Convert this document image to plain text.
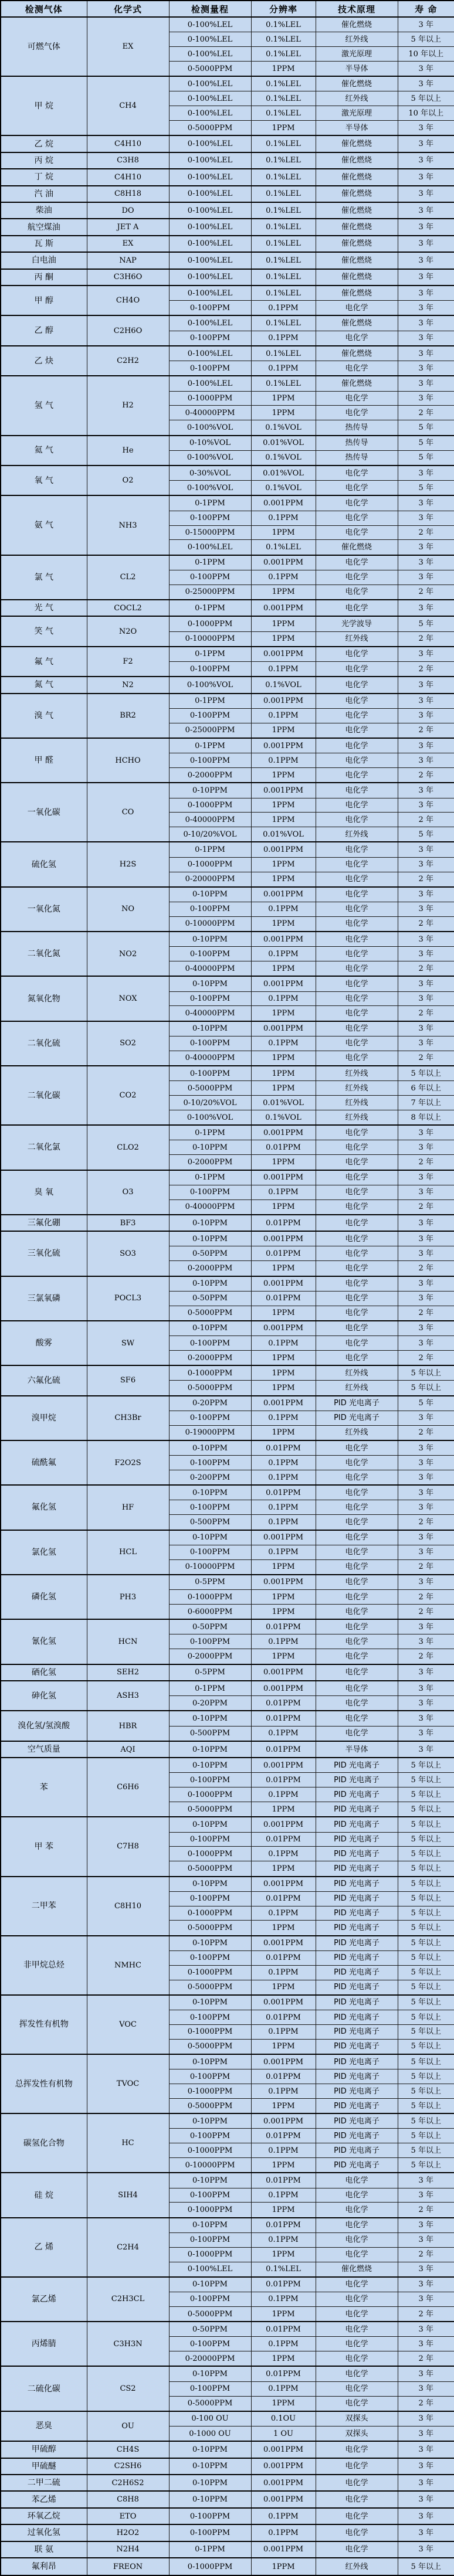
检测气体	化学式	检测量程	分辨率	技术原理	寿 命
可燃气体	EX	0-100%LEL	0.1%LEL	催化燃烧	3 年
		0-100%LEL	0.1%LEL	红外线	5 年以上
		0-100%LEL	0.1%LEL	激光原理	10 年以上
		0-5000PPM	1PPM	半导体	3 年
甲 烷	CH4	0-100%LEL	0.1%LEL	催化燃烧	3 年
		0-100%LEL	0.1%LEL	红外线	5 年以上
		0-100%LEL	0.1%LEL	激光原理	10 年以上
		0-5000PPM	1PPM	半导体	3 年
乙 烷	C4H10	0-100%LEL	0.1%LEL	催化燃烧	3 年
丙 烷	C3H8	0-100%LEL	0.1%LEL	催化燃烧	3 年
丁 烷	C4H10	0-100%LEL	0.1%LEL	催化燃烧	3 年
汽 油	C8H18	0-100%LEL	0.1%LEL	催化燃烧	3 年
柴油	DO	0-100%LEL	0.1%LEL	催化燃烧	3 年
航空煤油	JET A	0-100%LEL	0.1%LEL	催化燃烧	3 年
瓦 斯	EX	0-100%LEL	0.1%LEL	催化燃烧	3 年
白电油	NAP	0-100%LEL	0.1%LEL	催化燃烧	3 年
丙 酮	C3H6O	0-100%LEL	0.1%LEL	催化燃烧	3 年
甲 醇	CH4O	0-100%LEL	0.1%LEL	催化燃烧	3 年
		0-100PPM	0.1PPM	电化学	3 年
乙 醇	C2H6O	0-100%LEL	0.1%LEL	催化燃烧	3 年
		0-100PPM	0.1PPM	电化学	3 年
乙 炔	C2H2	0-100%LEL	0.1%LEL	催化燃烧	3 年
		0-100PPM	0.1PPM	电化学	3 年
氢 气	H2	0-100%LEL	0.1%LEL	催化燃烧	3 年
		0-1000PPM	1PPM	电化学	3 年
		0-40000PPM	1PPM	电化学	2 年
		0-100%VOL	0.1%VOL	热传导	5 年
氦 气	He	0-10%VOL	0.01%VOL	热传导	5 年
		0-100%VOL	0.1%VOL	热传导	5 年
氧 气	O2	0-30%VOL	0.01%VOL	电化学	3 年
		0-100%VOL	0.1%VOL	电化学	5 年
氨 气	NH3	0-1PPM	0.001PPM	电化学	3 年
		0-100PPM	0.1PPM	电化学	3 年
		0-15000PPM	1PPM	电化学	2 年
		0-100%LEL	0.1%LEL	催化燃烧	3 年
氯 气	CL2	0-1PPM	0.001PPM	电化学	3 年
		0-100PPM	0.1PPM	电化学	3 年
		0-25000PPM	1PPM	电化学	2 年
光 气	COCL2	0-1PPM	0.001PPM	电化学	3 年
笑 气	N2O	0-1000PPM	1PPM	光学波导	5 年
		0-10000PPM	1PPM	红外线	2 年
氟 气	F2	0-1PPM	0.001PPM	电化学	3 年
		0-100PPM	0.1PPM	电化学	2 年
氮 气	N2	0-100%VOL	0.1%VOL	电化学	3 年
溴 气	BR2	0-1PPM	0.001PPM	电化学	3 年
		0-100PPM	0.1PPM	电化学	3 年
		0-25000PPM	1PPM	电化学	2 年
甲 醛	HCHO	0-1PPM	0.001PPM	电化学	3 年
		0-100PPM	0.1PPM	电化学	3 年
		0-2000PPM	1PPM	电化学	2 年
一氧化碳	CO	0-10PPM	0.001PPM	电化学	3 年
		0-1000PPM	1PPM	电化学	3 年
		0-40000PPM	1PPM	电化学	2 年
		0-10/20%VOL	0.01%VOL	红外线	5 年
硫化氢	H2S	0-1PPM	0.001PPM	电化学	3 年
		0-1000PPM	1PPM	电化学	3 年
		0-20000PPM	1PPM	电化学	2 年
一氧化氮	NO	0-10PPM	0.001PPM	电化学	3 年
		0-100PPM	0.1PPM	电化学	3 年
		0-10000PPM	1PPM	电化学	2 年
二氧化氮	NO2	0-10PPM	0.001PPM	电化学	3 年
		0-100PPM	0.1PPM	电化学	3 年
		0-40000PPM	1PPM	电化学	2 年
氮氧化物	NOX	0-10PPM	0.001PPM	电化学	3 年
		0-100PPM	0.1PPM	电化学	3 年
		0-40000PPM	1PPM	电化学	2 年
二氧化硫	SO2	0-10PPM	0.001PPM	电化学	3 年
		0-100PPM	0.1PPM	电化学	3 年
		0-40000PPM	1PPM	电化学	2 年
二氧化碳	CO2	0-100PPM	1PPM	红外线	5 年以上
		0-5000PPM	1PPM	红外线	6 年以上
		0-10/20%VOL	0.01%VOL	红外线	7 年以上
		0-100%VOL	0.1%VOL	红外线	8 年以上
二氧化氯	CLO2	0-1PPM	0.001PPM	电化学	3 年
		0-10PPM	0.01PPM	电化学	3 年
		0-2000PPM	1PPM	电化学	2 年
臭 氧	O3	0-1PPM	0.001PPM	电化学	3 年
		0-100PPM	0.1PPM	电化学	3 年
		0-40000PPM	1PPM	电化学	2 年
三氟化硼	BF3	0-10PPM	0.01PPM	电化学	3 年
三氧化硫	SO3	0-10PPM	0.001PPM	电化学	3 年
		0-50PPM	0.01PPM	电化学	3 年
		0-2000PPM	1PPM	电化学	2 年
三氯氧磷	POCL3	0-10PPM	0.001PPM	电化学	3 年
		0-50PPM	0.01PPM	电化学	3 年
		0-5000PPM	1PPM	电化学	2 年
酸雾	SW	0-10PPM	0.001PPM	电化学	3 年
		0-100PPM	0.1PPM	电化学	3 年
		0-2000PPM	1PPM	电化学	2 年
六氟化硫	SF6	0-1000PPM	1PPM	红外线	5 年以上
		0-5000PPM	1PPM	红外线	5 年以上
溴甲烷	CH3Br	0-20PPM	0.001PPM	PID 光电离子	5 年
		0-100PPM	0.1PPM	PID 光电离子	3 年
		0-19000PPM	1PPM	红外线	2 年
硫酰氟	F2O2S	0-10PPM	0.01PPM	电化学	3 年
		0-100PPM	0.1PPM	电化学	3 年
		0-200PPM	0.1PPM	电化学	3 年
氟化氢	HF	0-10PPM	0.01PPM	电化学	3 年
		0-100PPM	0.1PPM	电化学	3 年
		0-500PPM	0.1PPM	电化学	2 年
氯化氢	HCL	0-10PPM	0.001PPM	电化学	3 年
		0-100PPM	0.1PPM	电化学	3 年
		0-10000PPM	1PPM	电化学	2 年
磷化氢	PH3	0-5PPM	0.001PPM	电化学	3 年
		0-1000PPM	1PPM	电化学	2 年
		0-6000PPM	1PPM	电化学	2 年
氰化氢	HCN	0-50PPM	0.01PPM	电化学	3 年
		0-100PPM	0.1PPM	电化学	3 年
		0-2000PPM	1PPM	电化学	2 年
硒化氢	SEH2	0-5PPM	0.001PPM	电化学	3 年
砷化氢	ASH3	0-1PPM	0.001PPM	电化学	3 年
		0-20PPM	0.01PPM	电化学	3 年
溴化氢/氢溴酸	HBR	0-10PPM	0.01PPM	电化学	3 年
		0-500PPM	0.1PPM	电化学	3 年
空气质量	AQI	0-10PPM	0.01PPM	半导体	3 年
苯	C6H6	0-10PPM	0.001PPM	PID 光电离子	5 年以上
		0-100PPM	0.01PPM	PID 光电离子	5 年以上
		0-1000PPM	0.1PPM	PID 光电离子	5 年以上
		0-5000PPM	1PPM	PID 光电离子	5 年以上
甲 苯	C7H8	0-10PPM	0.001PPM	PID 光电离子	5 年以上
		0-100PPM	0.01PPM	PID 光电离子	5 年以上
		0-1000PPM	0.1PPM	PID 光电离子	5 年以上
		0-5000PPM	1PPM	PID 光电离子	5 年以上
二甲苯	C8H10	0-10PPM	0.001PPM	PID 光电离子	5 年以上
		0-100PPM	0.01PPM	PID 光电离子	5 年以上
		0-1000PPM	0.1PPM	PID 光电离子	5 年以上
		0-5000PPM	1PPM	PID 光电离子	5 年以上
非甲烷总烃	NMHC	0-10PPM	0.001PPM	PID 光电离子	5 年以上
		0-100PPM	0.01PPM	PID 光电离子	5 年以上
		0-1000PPM	0.1PPM	PID 光电离子	5 年以上
		0-5000PPM	1PPM	PID 光电离子	5 年以上
挥发性有机物	VOC	0-10PPM	0.001PPM	PID 光电离子	5 年以上
		0-100PPM	0.01PPM	PID 光电离子	5 年以上
		0-1000PPM	0.1PPM	PID 光电离子	5 年以上
		0-5000PPM	1PPM	PID 光电离子	5 年以上
总挥发性有机物	TVOC	0-10PPM	0.001PPM	PID 光电离子	5 年以上
		0-100PPM	0.01PPM	PID 光电离子	5 年以上
		0-1000PPM	0.1PPM	PID 光电离子	5 年以上
		0-5000PPM	1PPM	PID 光电离子	5 年以上
碳氢化合物	HC	0-10PPM	0.001PPM	PID 光电离子	5 年以上
		0-100PPM	0.01PPM	PID 光电离子	5 年以上
		0-1000PPM	0.1PPM	PID 光电离子	5 年以上
		0-10000PPM	1PPM	PID 光电离子	5 年以上
硅 烷	SIH4	0-10PPM	0.01PPM	电化学	3 年
		0-100PPM	0.1PPM	电化学	3 年
		0-1000PPM	1PPM	电化学	2 年
乙 烯	C2H4	0-10PPM	0.01PPM	电化学	3 年
		0-100PPM	0.1PPM	电化学	3 年
		0-1000PPM	1PPM	电化学	2 年
		0-100%LEL	0.1%LEL	催化燃烧	3 年
氯乙烯	C2H3CL	0-10PPM	0.01PPM	电化学	3 年
		0-100PPM	0.1PPM	电化学	3 年
		0-5000PPM	1PPM	电化学	2 年
丙烯腈	C3H3N	0-50PPM	0.01PPM	电化学	3 年
		0-100PPM	0.1PPM	电化学	3 年
		0-20000PPM	1PPM	电化学	2 年
二硫化碳	CS2	0-10PPM	0.01PPM	电化学	3 年
		0-100PPM	0.1PPM	电化学	3 年
		0-5000PPM	1PPM	电化学	2 年
恶臭	OU	0-100 OU	0.1OU	双探头	3 年
		0-1000 OU	1 OU	双探头	3 年
甲硫醇	CH4S	0-10PPM	0.001PPM	电化学	3 年
甲硫醚	C2SH6	0-10PPM	0.001PPM	电化学	3 年
二甲二硫	C2H6S2	0-10PPM	0.001PPM	电化学	3 年
苯乙烯	C8H8	0-10PPM	0.001PPM	电化学	3 年
环氧乙烷	ETO	0-100PPM	0.1PPM	电化学	3 年
过氧化氢	H2O2	0-100PPM	0.1PPM	电化学	3 年
联 氨	N2H4	0-1PPM	0.001PPM	电化学	3 年
氟利昂	FREON	0-1000PPM	1PPM	红外线	5 年以上
